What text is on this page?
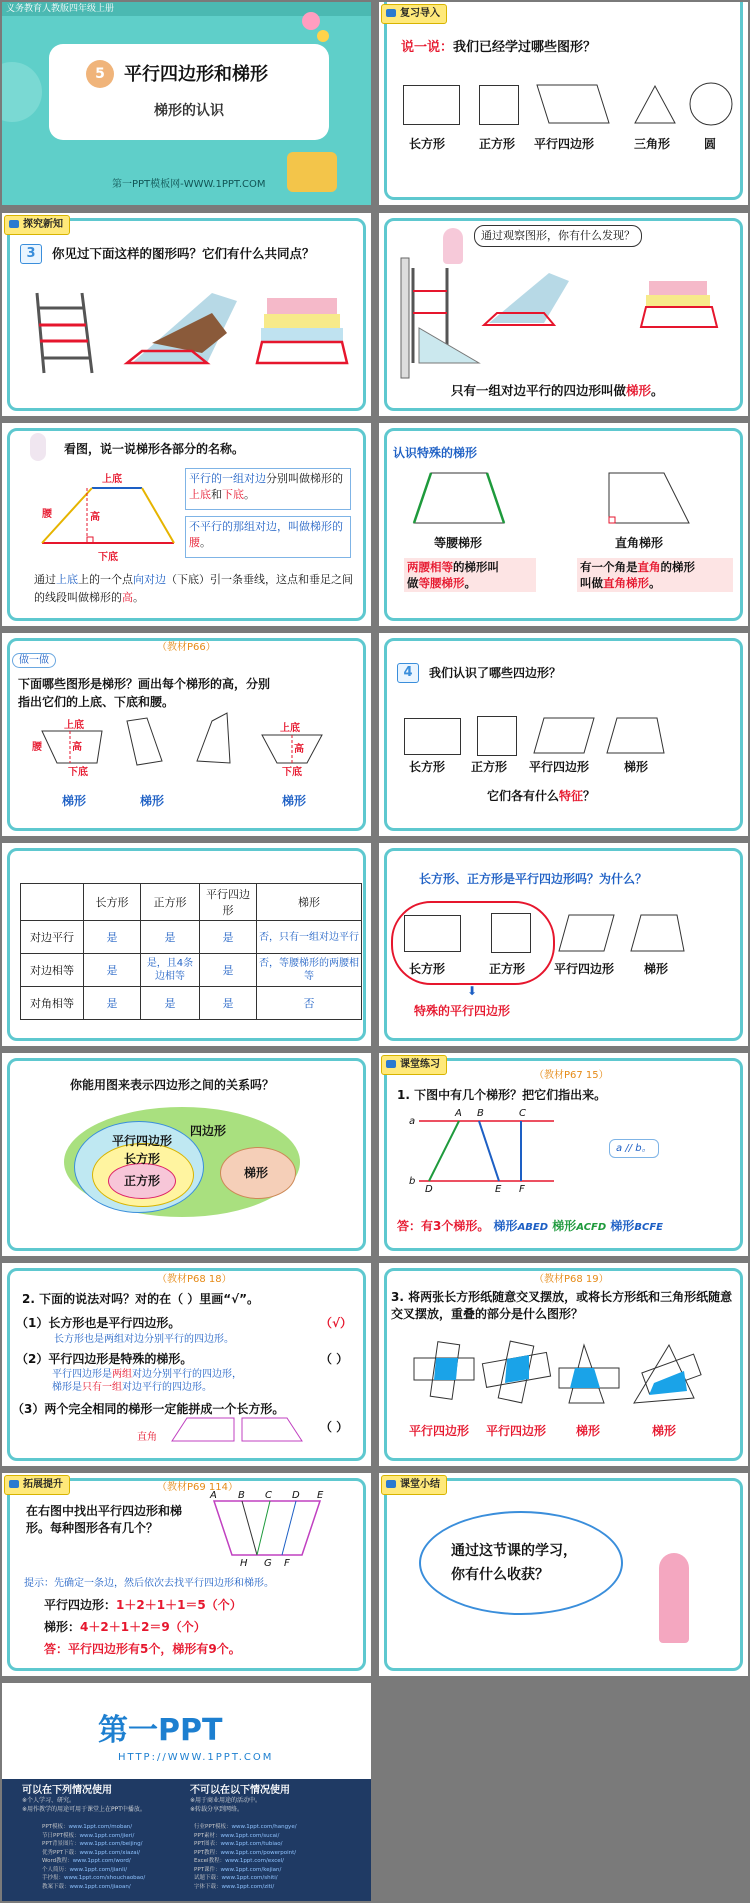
义务教育人教版四年级上册
5	平行四边形和梯形
梯形的认识
第一PPT模板网-WWW.1PPT.COM
复习导入
说一说：我们已经学过哪些图形？
长方形	正方形 平行四边形	三角形	圆
探究新知
3	你见过下面这样的图形吗？它们有什么共同点？
通过观察图形，你有什么发现？
只有一组对边平行的四边形叫做梯形。
看图，说一说梯形各部分的名称。
上底
下底
腰	高
平行的一组对边分别叫做梯形的上底和下底。
不平行的那组对边，叫做梯形的腰。
通过上底上的一个点向对边（下底）引一条垂线，这点和垂足之间的线段叫做梯形的高。
认识特殊的梯形
等腰梯形	直角梯形
两腰相等的梯形叫
做等腰梯形。
有一个角是直角的梯形
叫做直角梯形。
（教材P66）
做一做
下面哪些图形是梯形？画出每个梯形的高，分别
指出它们的上底、下底和腰。
上底
下底
腰	高
上底
下底
高
梯形	梯形	梯形
4	我们认识了哪些四边形？
长方形 正方形 平行四边形	梯形
它们各有什么特征？
	长方形	正方形	平行四边形	梯形
对边平行	是	是	是	否，只有一组对边平行
对边相等	是	是，且4条边相等	是	否，等腰梯形的两腰相等
对角相等	是	是	是	否
长方形、正方形是平行四边形吗？为什么？
长方形	正方形 平行四边形 梯形
⬇
特殊的平行四边形
你能用图来表示四边形之间的关系吗？
四边形
平行四边形
长方形
正方形
梯形
课堂练习
（教材P67 15）
1. 下图中有几个梯形？把它们指出来。
A B	C
a
b
D	E F
a // b。
答：有3个梯形。 梯形ABED 梯形ACFD 梯形BCFE
（教材P68 18）
2. 下面的说法对吗？对的在（ ）里画“√”。
（1）长方形也是平行四边形。	（√）
长方形也是两组对边分别平行的四边形。
（2）平行四边形是特殊的梯形。	（ ）
平行四边形是两组对边分别平行的四边形，
梯形是只有一组对边平行的四边形。
（3）两个完全相同的梯形一定能拼成一个长方形。
（ ）
直角
（教材P68 19）
3. 将两张长方形纸随意交叉摆放，或将长方形纸和三角形纸随意交叉摆放，重叠的部分是什么图形？
平行四边形 平行四边形 梯形	梯形
拓展提升	（教材P69 114）
在右图中找出平行四边形和梯形。每种图形各有几个？
A B C D E
H G F
提示：先确定一条边，然后依次去找平行四边形和梯形。
平行四边形：1＋2＋1＋1＝5（个）
梯形：4＋2＋1＋2＝9（个）
答：平行四边形有5个，梯形有9个。
课堂小结
通过这节课的学习，
你有什么收获？
第一PPT
HTTP://WWW.1PPT.COM
可以在下列情况使用	不可以在以下情况使用
※个人学习、研究。
※用作教学的用途可用于课堂上在PPT中播放。
※用于商业用途的活动中。
※转载分享到网络。
PPT模板：www.1ppt.com/moban/
节日PPT模板：www.1ppt.com/jieri/
PPT背景图片：www.1ppt.com/beijing/
优秀PPT下载：www.1ppt.com/xiazai/
Word教程：www.1ppt.com/word/
个人简历：www.1ppt.com/jianli/
手抄报：www.1ppt.com/shouchaobao/
教案下载：www.1ppt.com/jiaoan/
行业PPT模板：www.1ppt.com/hangye/
PPT素材：www.1ppt.com/sucai/
PPT图表：www.1ppt.com/tubiao/
PPT教程：www.1ppt.com/powerpoint/
Excel教程：www.1ppt.com/excel/
PPT课件：www.1ppt.com/kejian/
试题下载：www.1ppt.com/shiti/
字体下载：www.1ppt.com/ziti/
